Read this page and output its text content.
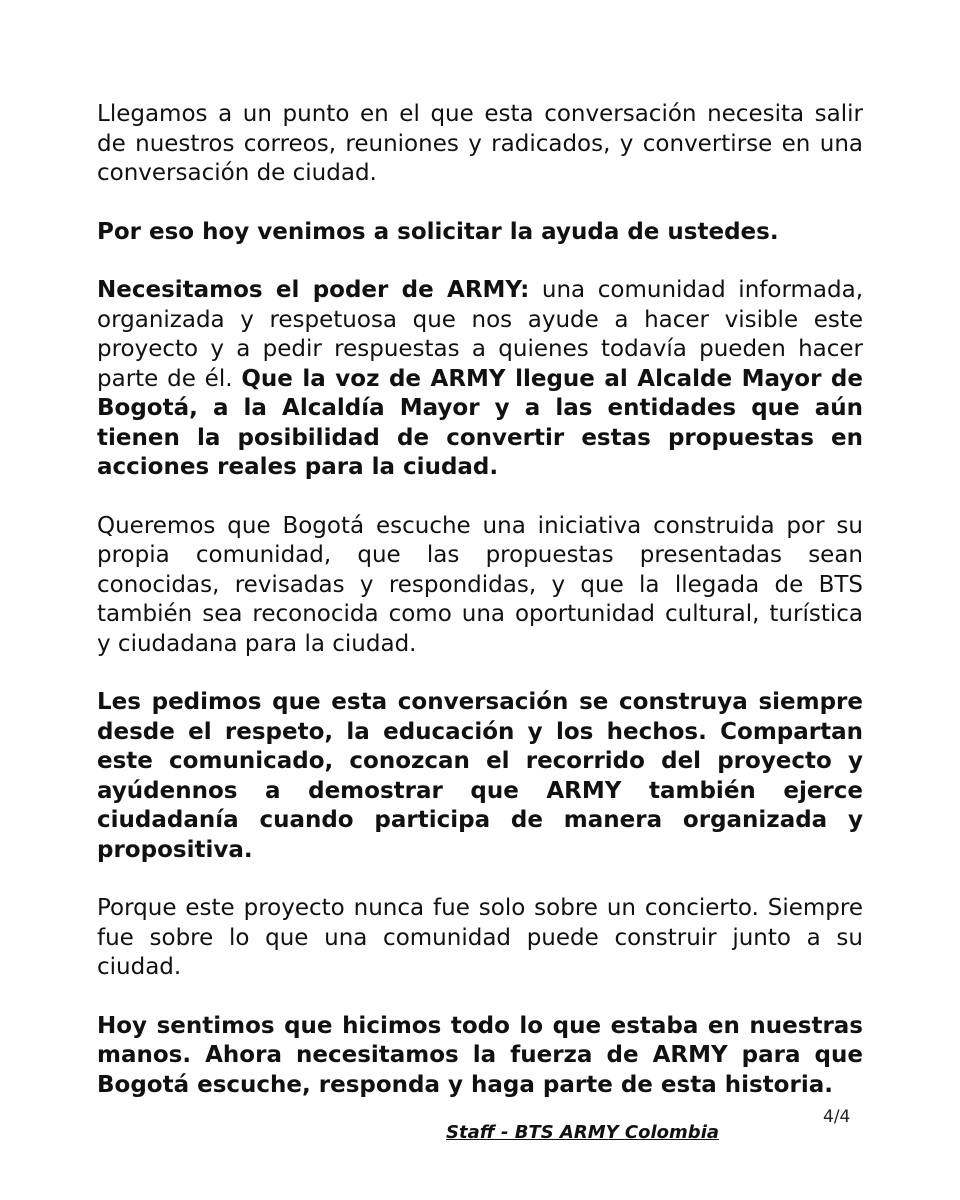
Llegamos a un punto en el que esta conversación necesita salir de nuestros correos, reuniones y radicados, y convertirse en una conversación de ciudad.

Por eso hoy venimos a solicitar la ayuda de ustedes.

Necesitamos el poder de ARMY: una comunidad informada, organizada y respetuosa que nos ayude a hacer visible este proyecto y a pedir respuestas a quienes todavía pueden hacer parte de él. Que la voz de ARMY llegue al Alcalde Mayor de Bogotá, a la Alcaldía Mayor y a las entidades que aún tienen la posibilidad de convertir estas propuestas en acciones reales para la ciudad.

Queremos que Bogotá escuche una iniciativa construida por su propia comunidad, que las propuestas presentadas sean conocidas, revisadas y respondidas, y que la llegada de BTS también sea reconocida como una oportunidad cultural, turística y ciudadana para la ciudad.

Les pedimos que esta conversación se construya siempre desde el respeto, la educación y los hechos. Compartan este comunicado, conozcan el recorrido del proyecto y ayúdennos a demostrar que ARMY también ejerce ciudadanía cuando participa de manera organizada y propositiva.

Porque este proyecto nunca fue solo sobre un concierto. Siempre fue sobre lo que una comunidad puede construir junto a su ciudad.

Hoy sentimos que hicimos todo lo que estaba en nuestras manos. Ahora necesitamos la fuerza de ARMY para que Bogotá escuche, responda y haga parte de esta historia.

4/4
Staff - BTS ARMY Colombia
